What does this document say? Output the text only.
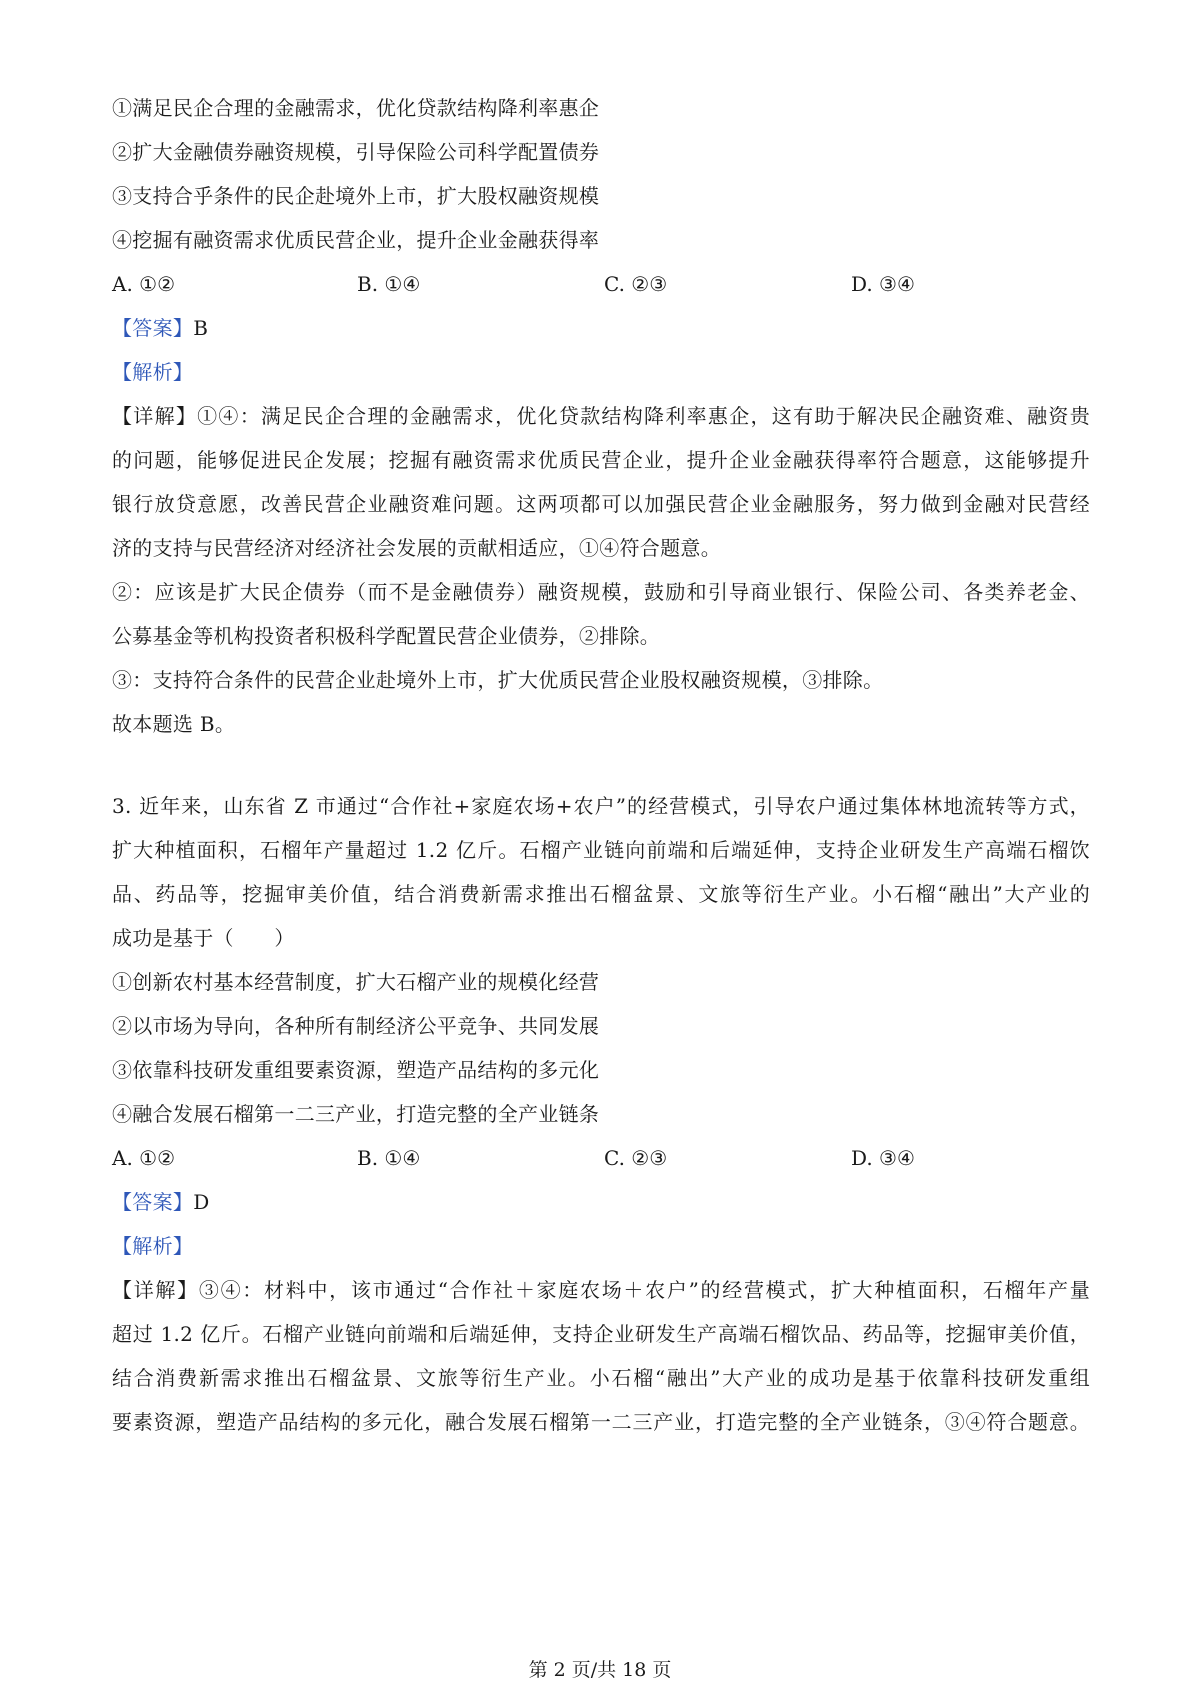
①满足民企合理的金融需求，优化贷款结构降利率惠企
②扩大金融债券融资规模，引导保险公司科学配置债券
③支持合乎条件的民企赴境外上市，扩大股权融资规模
④挖掘有融资需求优质民营企业，提升企业金融获得率
A. ①②	B. ①④	C. ②③	D. ③④
【答案】B
【解析】
【详解】①④：满足民企合理的金融需求，优化贷款结构降利率惠企，这有助于解决民企融资难、融资贵
的问题，能够促进民企发展；挖掘有融资需求优质民营企业，提升企业金融获得率符合题意，这能够提升
银行放贷意愿，改善民营企业融资难问题。这两项都可以加强民营企业金融服务，努力做到金融对民营经
济的支持与民营经济对经济社会发展的贡献相适应，①④符合题意。
②：应该是扩大民企债券（而不是金融债券）融资规模，鼓励和引导商业银行、保险公司、各类养老金、
公募基金等机构投资者积极科学配置民营企业债券，②排除。
③：支持符合条件的民营企业赴境外上市，扩大优质民营企业股权融资规模，③排除。
故本题选 B。
3. 近年来，山东省 Z 市通过“合作社+家庭农场+农户”的经营模式，引导农户通过集体林地流转等方式，
扩大种植面积，石榴年产量超过 1.2 亿斤。石榴产业链向前端和后端延伸，支持企业研发生产高端石榴饮
品、药品等，挖掘审美价值，结合消费新需求推出石榴盆景、文旅等衍生产业。小石榴“融出”大产业的
成功是基于（　　）
①创新农村基本经营制度，扩大石榴产业的规模化经营
②以市场为导向，各种所有制经济公平竞争、共同发展
③依靠科技研发重组要素资源，塑造产品结构的多元化
④融合发展石榴第一二三产业，打造完整的全产业链条
A. ①②	B. ①④	C. ②③	D. ③④
【答案】D
【解析】
【详解】③④：材料中，该市通过“合作社＋家庭农场＋农户”的经营模式，扩大种植面积，石榴年产量
超过 1.2 亿斤。石榴产业链向前端和后端延伸，支持企业研发生产高端石榴饮品、药品等，挖掘审美价值，
结合消费新需求推出石榴盆景、文旅等衍生产业。小石榴“融出”大产业的成功是基于依靠科技研发重组
要素资源，塑造产品结构的多元化，融合发展石榴第一二三产业，打造完整的全产业链条，③④符合题意。
第 2 页/共 18 页
